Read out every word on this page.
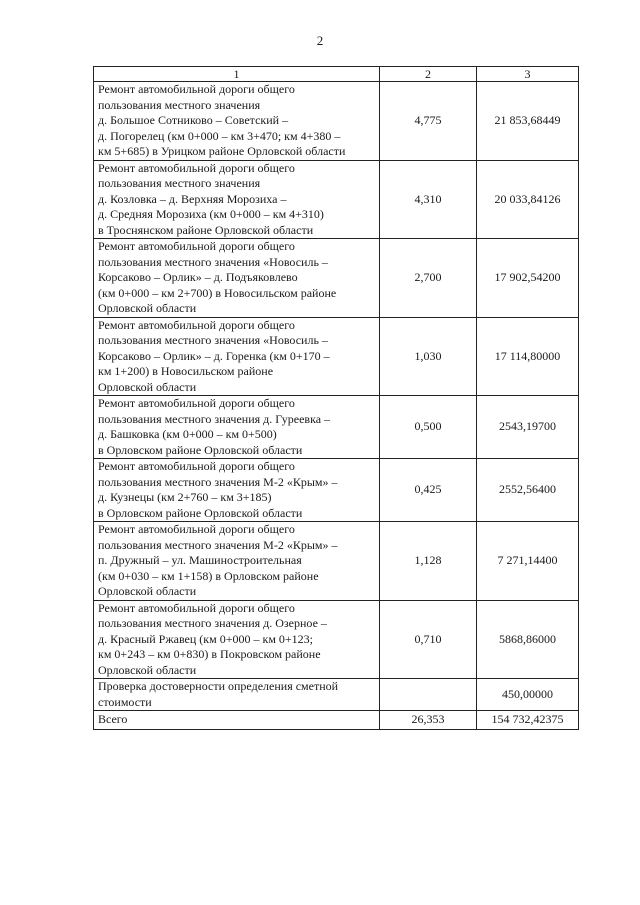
2
1	2	3

Ремонт автомобильной дороги общего
пользования местного значения
д. Большое Сотниково – Советский –
д. Погорелец (км 0+000 – км 3+470; км 4+380 –
км 5+685) в Урицком районе Орловской области	4,775	21 853,68449

Ремонт автомобильной дороги общего
пользования местного значения
д. Козловка – д. Верхняя Морозиха –
д. Средняя Морозиха (км 0+000 – км 4+310)
в Троснянском районе Орловской области	4,310	20 033,84126

Ремонт автомобильной дороги общего
пользования местного значения «Новосиль –
Корсаково – Орлик» – д. Подъяковлево
(км 0+000 – км 2+700) в Новосильском районе
Орловской области	2,700	17 902,54200

Ремонт автомобильной дороги общего
пользования местного значения «Новосиль –
Корсаково – Орлик» – д. Горенка (км 0+170 –
км 1+200) в Новосильском районе
Орловской области	1,030	17 114,80000

Ремонт автомобильной дороги общего
пользования местного значения д. Гуреевка –
д. Башковка (км 0+000 – км 0+500)
в Орловском районе Орловской области	0,500	2543,19700

Ремонт автомобильной дороги общего
пользования местного значения М-2 «Крым» –
д. Кузнецы (км 2+760 – км 3+185)
в Орловском районе Орловской области	0,425	2552,56400

Ремонт автомобильной дороги общего
пользования местного значения М-2 «Крым» –
п. Дружный – ул. Машиностроительная
(км 0+030 – км 1+158) в Орловском районе
Орловской области	1,128	7 271,14400

Ремонт автомобильной дороги общего
пользования местного значения д. Озерное –
д. Красный Ржавец (км 0+000 – км 0+123;
км 0+243 – км 0+830) в Покровском районе
Орловской области	0,710	5868,86000

Проверка достоверности определения сметной
стоимости		450,00000
Всего	26,353	154 732,42375
